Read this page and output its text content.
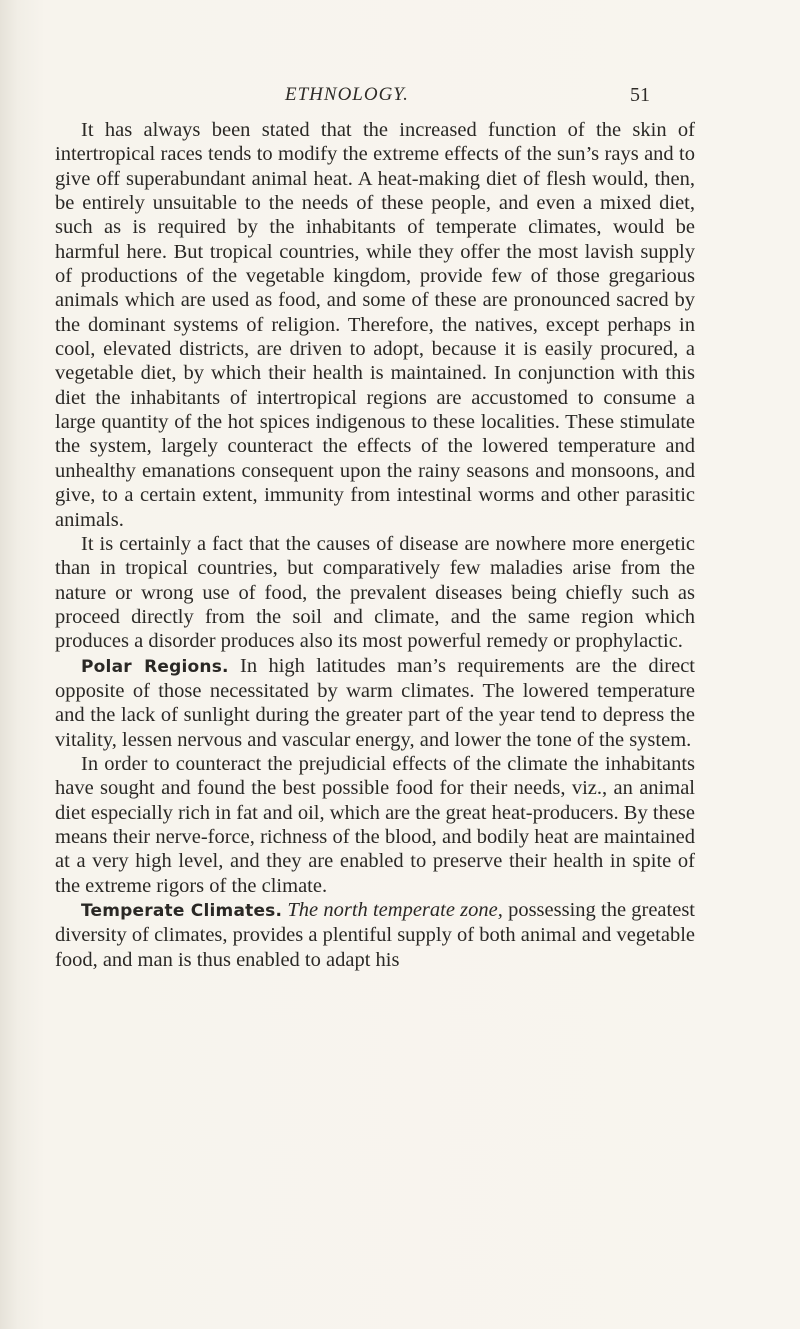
ETHNOLOGY.	51

It has always been stated that the increased function of the skin of intertropical races tends to modify the extreme effects of the sun’s rays and to give off superabundant animal heat. A heat-making diet of flesh would, then, be entirely unsuitable to the needs of these people, and even a mixed diet, such as is required by the inhabitants of temperate climates, would be harmful here. But tropical countries, while they offer the most lavish supply of productions of the vegetable kingdom, provide few of those gregarious animals which are used as food, and some of these are pronounced sacred by the dominant systems of religion. Therefore, the natives, except perhaps in cool, elevated districts, are driven to adopt, because it is easily procured, a vegetable diet, by which their health is maintained. In conjunction with this diet the inhabitants of intertropical regions are accustomed to consume a large quantity of the hot spices indigenous to these localities. These stimulate the system, largely counteract the effects of the lowered temperature and unhealthy emanations consequent upon the rainy seasons and monsoons, and give, to a certain extent, immunity from intestinal worms and other parasitic animals.

It is certainly a fact that the causes of disease are nowhere more energetic than in tropical countries, but comparatively few maladies arise from the nature or wrong use of food, the prevalent diseases being chiefly such as proceed directly from the soil and climate, and the same region which produces a disorder produces also its most powerful remedy or prophylactic.

Polar Regions. In high latitudes man’s requirements are the direct opposite of those necessitated by warm climates. The lowered temperature and the lack of sunlight during the greater part of the year tend to depress the vitality, lessen nervous and vascular energy, and lower the tone of the system.

In order to counteract the prejudicial effects of the climate the inhabitants have sought and found the best possible food for their needs, viz., an animal diet especially rich in fat and oil, which are the great heat-producers. By these means their nerve-force, richness of the blood, and bodily heat are maintained at a very high level, and they are enabled to preserve their health in spite of the extreme rigors of the climate.

Temperate Climates. The north temperate zone, possessing the greatest diversity of climates, provides a plentiful supply of both animal and vegetable food, and man is thus enabled to adapt his
